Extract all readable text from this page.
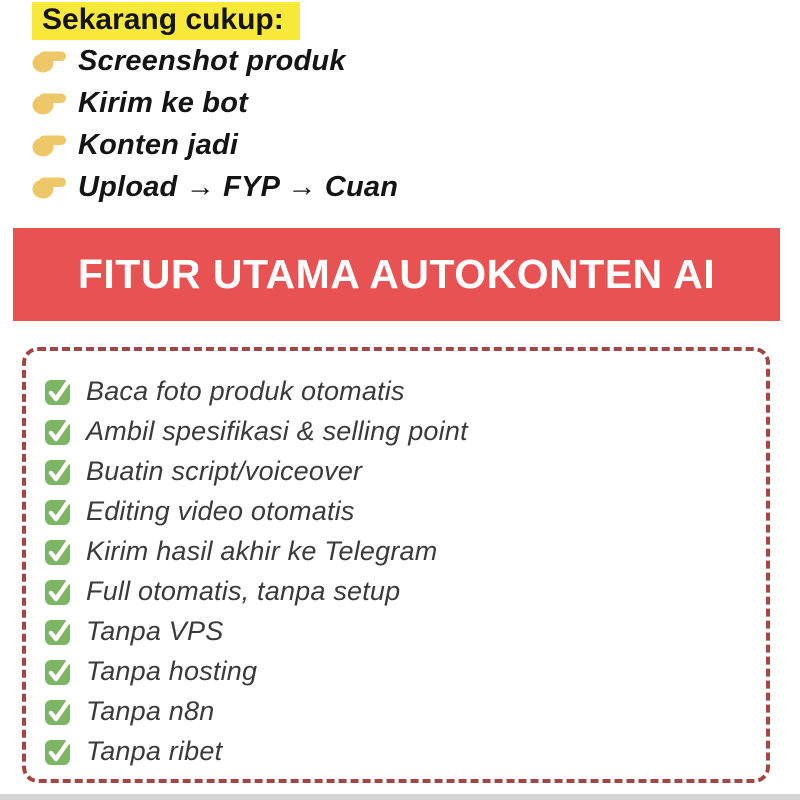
Sekarang cukup:
Screenshot produk
Kirim ke bot
Konten jadi
Upload → FYP → Cuan
FITUR UTAMA AUTOKONTEN AI
Baca foto produk otomatis
Ambil spesifikasi & selling point
Buatin script/voiceover
Editing video otomatis
Kirim hasil akhir ke Telegram
Full otomatis, tanpa setup
Tanpa VPS
Tanpa hosting
Tanpa n8n
Tanpa ribet
